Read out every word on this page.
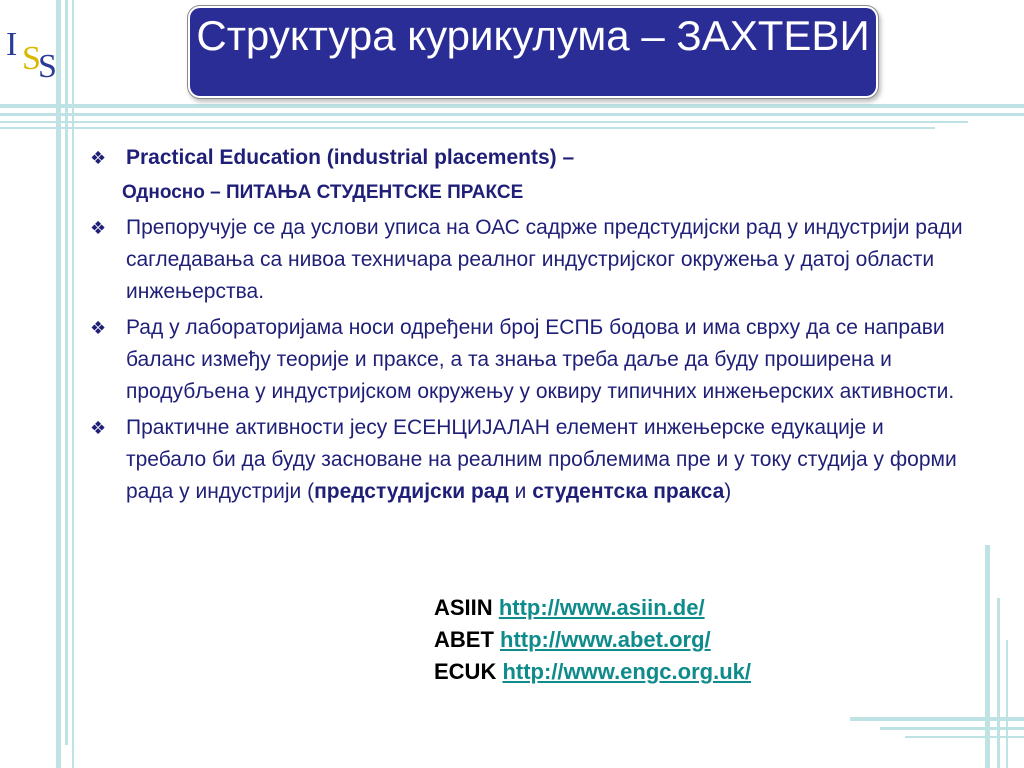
I S
S
Структура курикулума – ЗАХТЕВИ
❖ Practical Education (industrial placements) –
Односно – ПИТАЊА СТУДЕНТСКЕ ПРАКСЕ
❖ Препоручује се да услови уписа на ОАС садрже предстудијски рад у индустрији ради сагледавања са нивоа техничара реалног индустријског окружења у датој области инжењерства.
❖ Рад у лабораторијама носи одређени број ЕСПБ бодова и има сврху да се направи баланс између теорије и праксе, а та знања треба даље да буду проширена и продубљена у индустријском окружењу у оквиру типичних инжењерских активности.
❖ Практичне активности јесу ЕСЕНЦИЈАЛАН елемент инжењерске едукације и требало би да буду засноване на реалним проблемима пре и у току студија у форми рада у индустрији (предстудијски рад и студентска пракса)
ASIIN http://www.asiin.de/
ABET http://www.abet.org/
ECUK http://www.engc.org.uk/
